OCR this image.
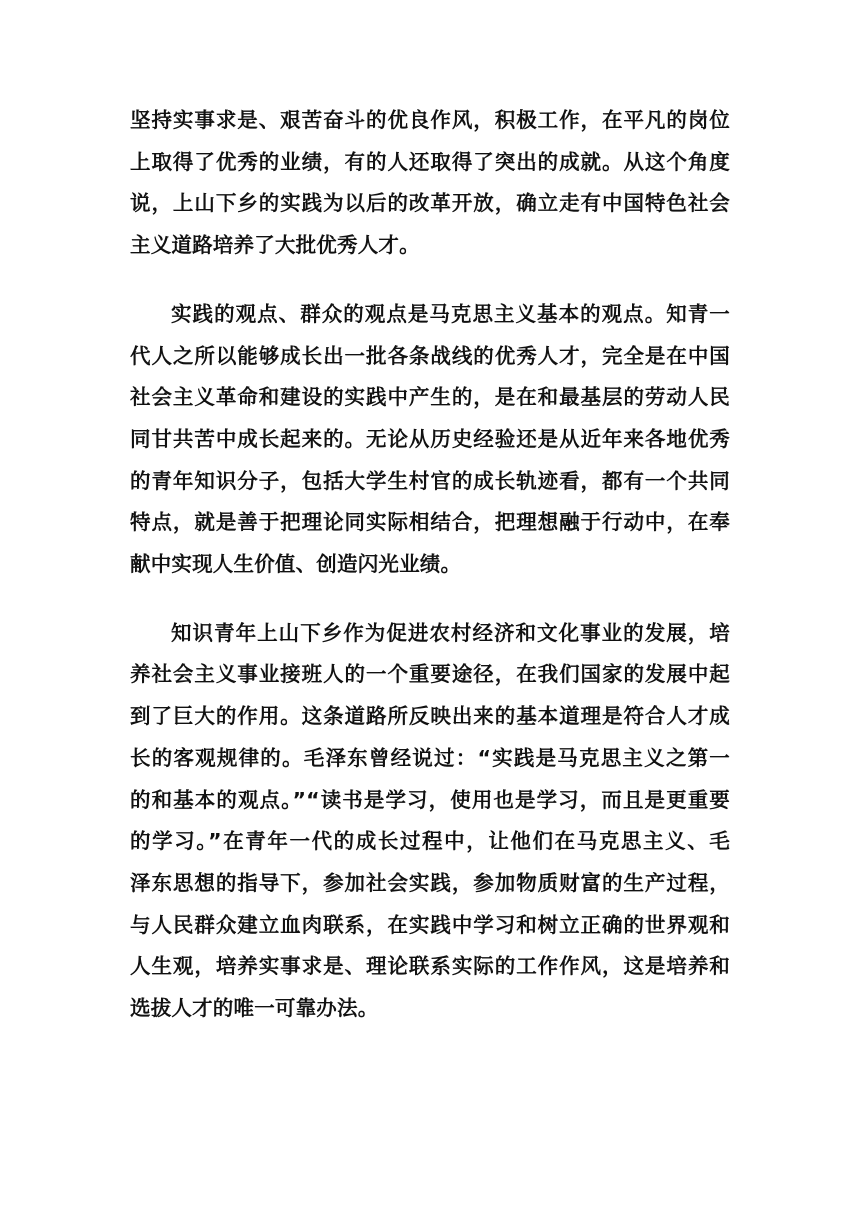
坚持实事求是、艰苦奋斗的优良作风，积极工作，在平凡的岗位
上取得了优秀的业绩，有的人还取得了突出的成就。从这个角度
说，上山下乡的实践为以后的改革开放，确立走有中国特色社会
主义道路培养了大批优秀人才。

实践的观点、群众的观点是马克思主义基本的观点。知青一
代人之所以能够成长出一批各条战线的优秀人才，完全是在中国
社会主义革命和建设的实践中产生的，是在和最基层的劳动人民
同甘共苦中成长起来的。无论从历史经验还是从近年来各地优秀
的青年知识分子，包括大学生村官的成长轨迹看，都有一个共同
特点，就是善于把理论同实际相结合，把理想融于行动中，在奉
献中实现人生价值、创造闪光业绩。

知识青年上山下乡作为促进农村经济和文化事业的发展，培
养社会主义事业接班人的一个重要途径，在我们国家的发展中起
到了巨大的作用。这条道路所反映出来的基本道理是符合人才成
长的客观规律的。毛泽东曾经说过：“实践是马克思主义之第一
的和基本的观点。”“读书是学习，使用也是学习，而且是更重要
的学习。”在青年一代的成长过程中，让他们在马克思主义、毛
泽东思想的指导下，参加社会实践，参加物质财富的生产过程，
与人民群众建立血肉联系，在实践中学习和树立正确的世界观和
人生观，培养实事求是、理论联系实际的工作作风，这是培养和
选拔人才的唯一可靠办法。
